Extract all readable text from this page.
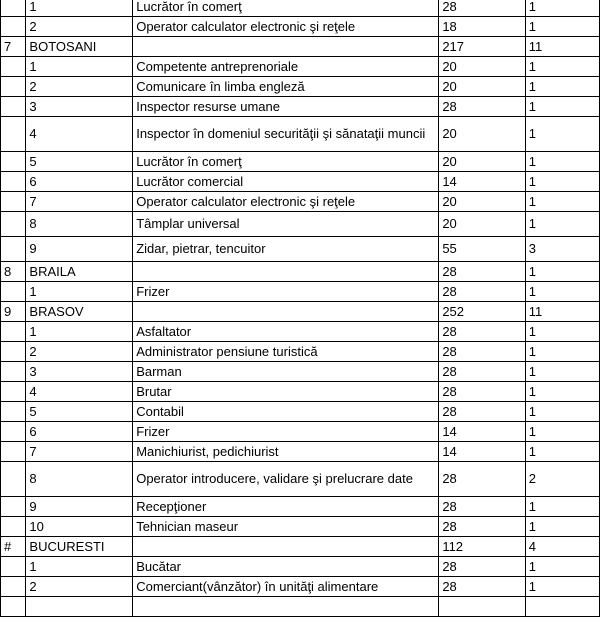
	1	Lucrător în comerţ	28	1
	2	Operator calculator electronic şi reţele	18	1
7	BOTOSANI		217	11
	1	Competente antreprenoriale	20	1
	2	Comunicare în limba engleză	20	1
	3	Inspector resurse umane	28	1
	4	Inspector în domeniul securităţii şi sănataţii muncii	20	1
	5	Lucrător în comerţ	20	1
	6	Lucrător comercial	14	1
	7	Operator calculator electronic şi reţele	20	1
	8	Tâmplar universal	20	1
	9	Zidar, pietrar, tencuitor	55	3
8	BRAILA		28	1
	1	Frizer	28	1
9	BRASOV		252	11
	1	Asfaltator	28	1
	2	Administrator pensiune turistică	28	1
	3	Barman	28	1
	4	Brutar	28	1
	5	Contabil	28	1
	6	Frizer	14	1
	7	Manichiurist, pedichiurist	14	1
	8	Operator introducere, validare şi prelucrare date	28	2
	9	Recepţioner	28	1
	10	Tehnician maseur	28	1
#	BUCURESTI		112	4
	1	Bucătar	28	1
	2	Comerciant(vânzător) în unităţi alimentare	28	1
